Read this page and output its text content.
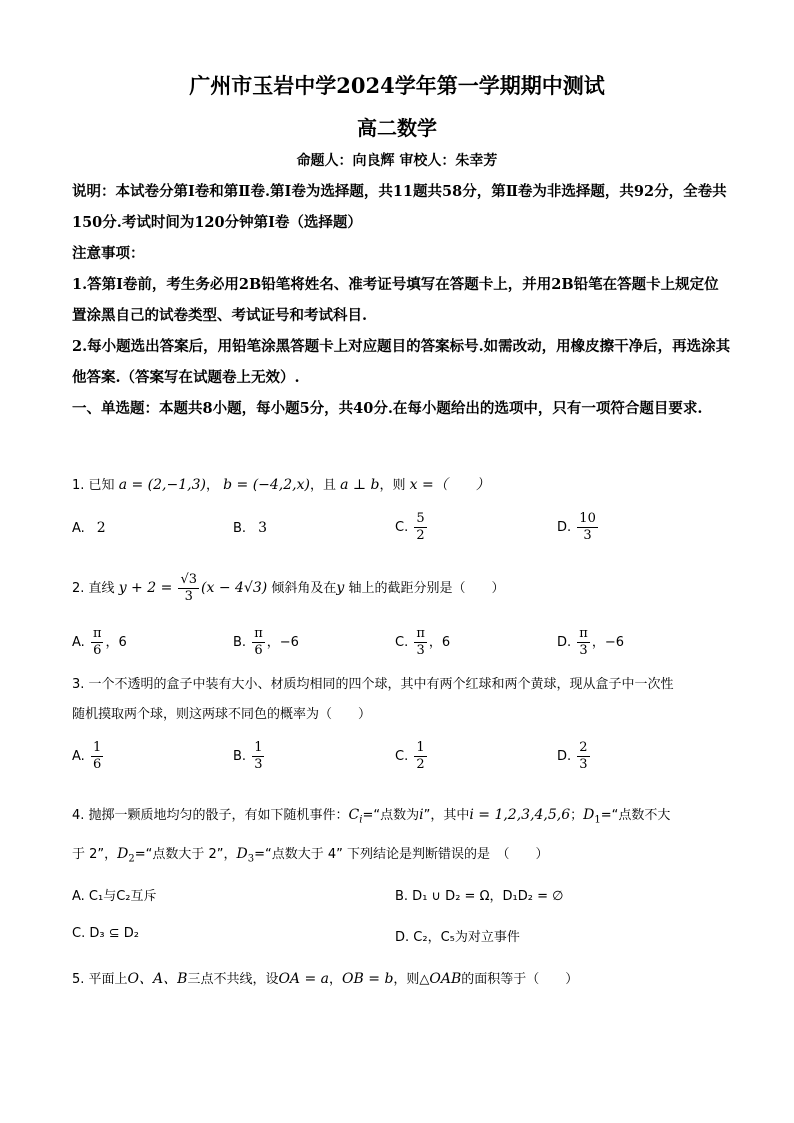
广州市玉岩中学2024学年第一学期期中测试
高二数学
命题人：向良辉 审校人：朱幸芳
说明：本试卷分第Ⅰ卷和第Ⅱ卷.第Ⅰ卷为选择题，共11题共58分，第Ⅱ卷为非选择题，共92分，全卷共150分.考试时间为120分钟第Ⅰ卷（选择题）
注意事项：
1.答第Ⅰ卷前，考生务必用2B铅笔将姓名、准考证号填写在答题卡上，并用2B铅笔在答题卡上规定位置涂黑自己的试卷类型、考试证号和考试科目.
2.每小题选出答案后，用铅笔涂黑答题卡上对应题目的答案标号.如需改动，用橡皮擦干净后，再选涂其他答案.（答案写在试题卷上无效）.
一、单选题：本题共8小题，每小题5分，共40分.在每小题给出的选项中，只有一项符合题目要求.
1. 已知 a = (2,−1,3)， b = (−4,2,x)，且 a ⊥ b，则 x =（　　）
A. 2	B. 3	C. $\frac{5}{2}$	D. $\frac{10}{3}$
2. 直线 $y + 2 = \frac{√3}{3} (x - 4√3)$ 倾斜角及在y 轴上的截距分别是（　　）
A. $\frac{\pi}{6}$ ，6	B. $\frac{\pi}{6}$ ，−6	C. $\frac{\pi}{3}$ ，6	D. $\frac{\pi}{3}$ ，−6
3. 一个不透明的盒子中装有大小、材质均相同的四个球，其中有两个红球和两个黄球，现从盒子中一次性
随机摸取两个球，则这两球不同色的概率为（　　）
A. $\frac{1}{6}$	B. $\frac{1}{3}$	C. $\frac{1}{2}$	D. $\frac{2}{3}$
4. 抛掷一颗质地均匀的骰子，有如下随机事件：$C_i=“$点数为i”，其中i = 1,2,3,4,5,6；$D_1=“$点数不大
于 2”，$D_2=“$点数大于 2”，$D_3=“$点数大于 4” 下列结论是判断错误的是　（　　）
A. C₁与C₂互斥	B. D₁ ∪ D₂ = Ω，D₁D₂ = ∅
C. D₃ ⊆ D₂	D. C₂，C₅为对立事件
5. 平面上O、A、B三点不共线，设OA = a，OB = b，则△OAB的面积等于（　　）
